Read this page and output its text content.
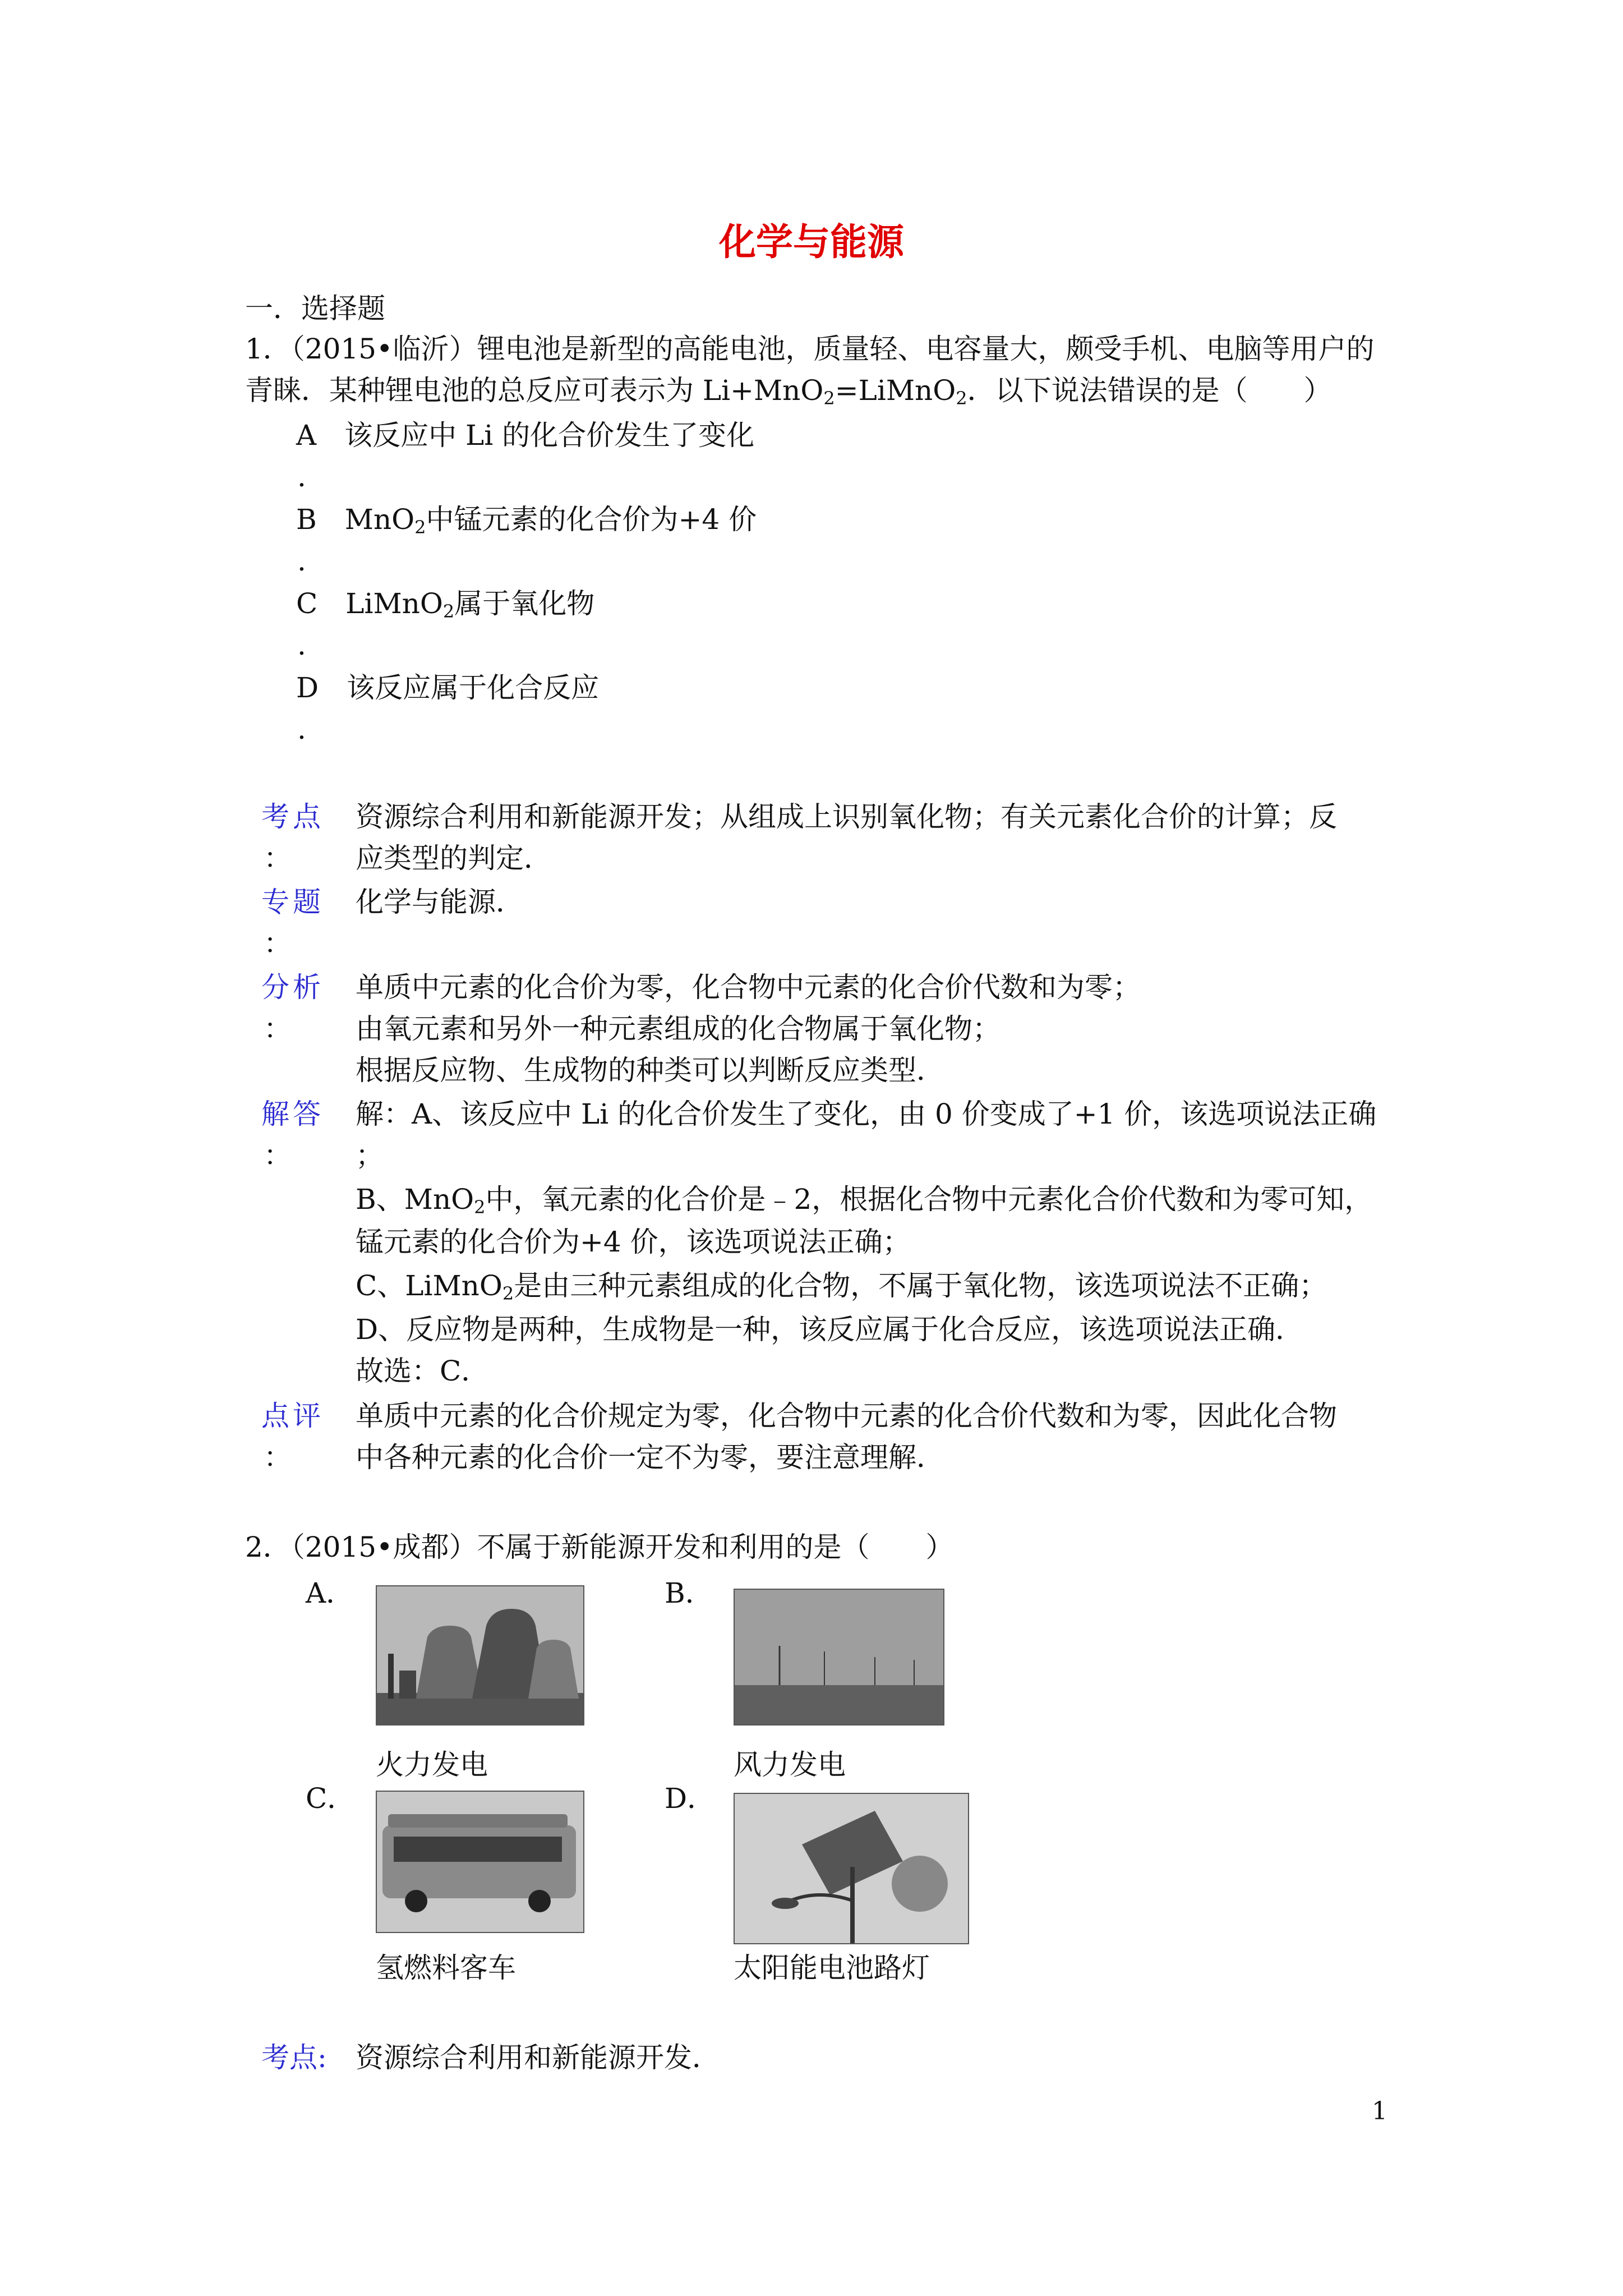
化学与能源
一．选择题
1．（2015•临沂）锂电池是新型的高能电池，质量轻、电容量大，颇受手机、电脑等用户的
青睐．某种锂电池的总反应可表示为 Li+MnO$_2$=LiMnO$_2$．以下说法错误的是（　　）
A 该反应中 Li 的化合价发生了变化
.
B MnO$_2$中锰元素的化合价为+4 价
.
C LiMnO$_2$属于氧化物
.
D 该反应属于化合反应
.
考点
：
资源综合利用和新能源开发；从组成上识别氧化物；有关元素化合价的计算；反
应类型的判定．
专题
：
化学与能源．
分析
：
单质中元素的化合价为零，化合物中元素的化合价代数和为零；
由氧元素和另外一种元素组成的化合物属于氧化物；
根据反应物、生成物的种类可以判断反应类型．
解答
：
解：A、该反应中 Li 的化合价发生了变化，由 0 价变成了+1 价，该选项说法正确
；
B、MnO$_2$中，氧元素的化合价是﹣2，根据化合物中元素化合价代数和为零可知，
锰元素的化合价为+4 价，该选项说法正确；
C、LiMnO$_2$是由三种元素组成的化合物，不属于氧化物，该选项说法不正确；
D、反应物是两种，生成物是一种，该反应属于化合反应，该选项说法正确．
故选：C．
点评
：
单质中元素的化合价规定为零，化合物中元素的化合价代数和为零，因此化合物
中各种元素的化合价一定不为零，要注意理解．
2．（2015•成都）不属于新能源开发和利用的是（　　）
A．
火力发电
B．
风力发电
C．
氢燃料客车
D．
太阳能电池路灯
考点: 资源综合利用和新能源开发．
1
